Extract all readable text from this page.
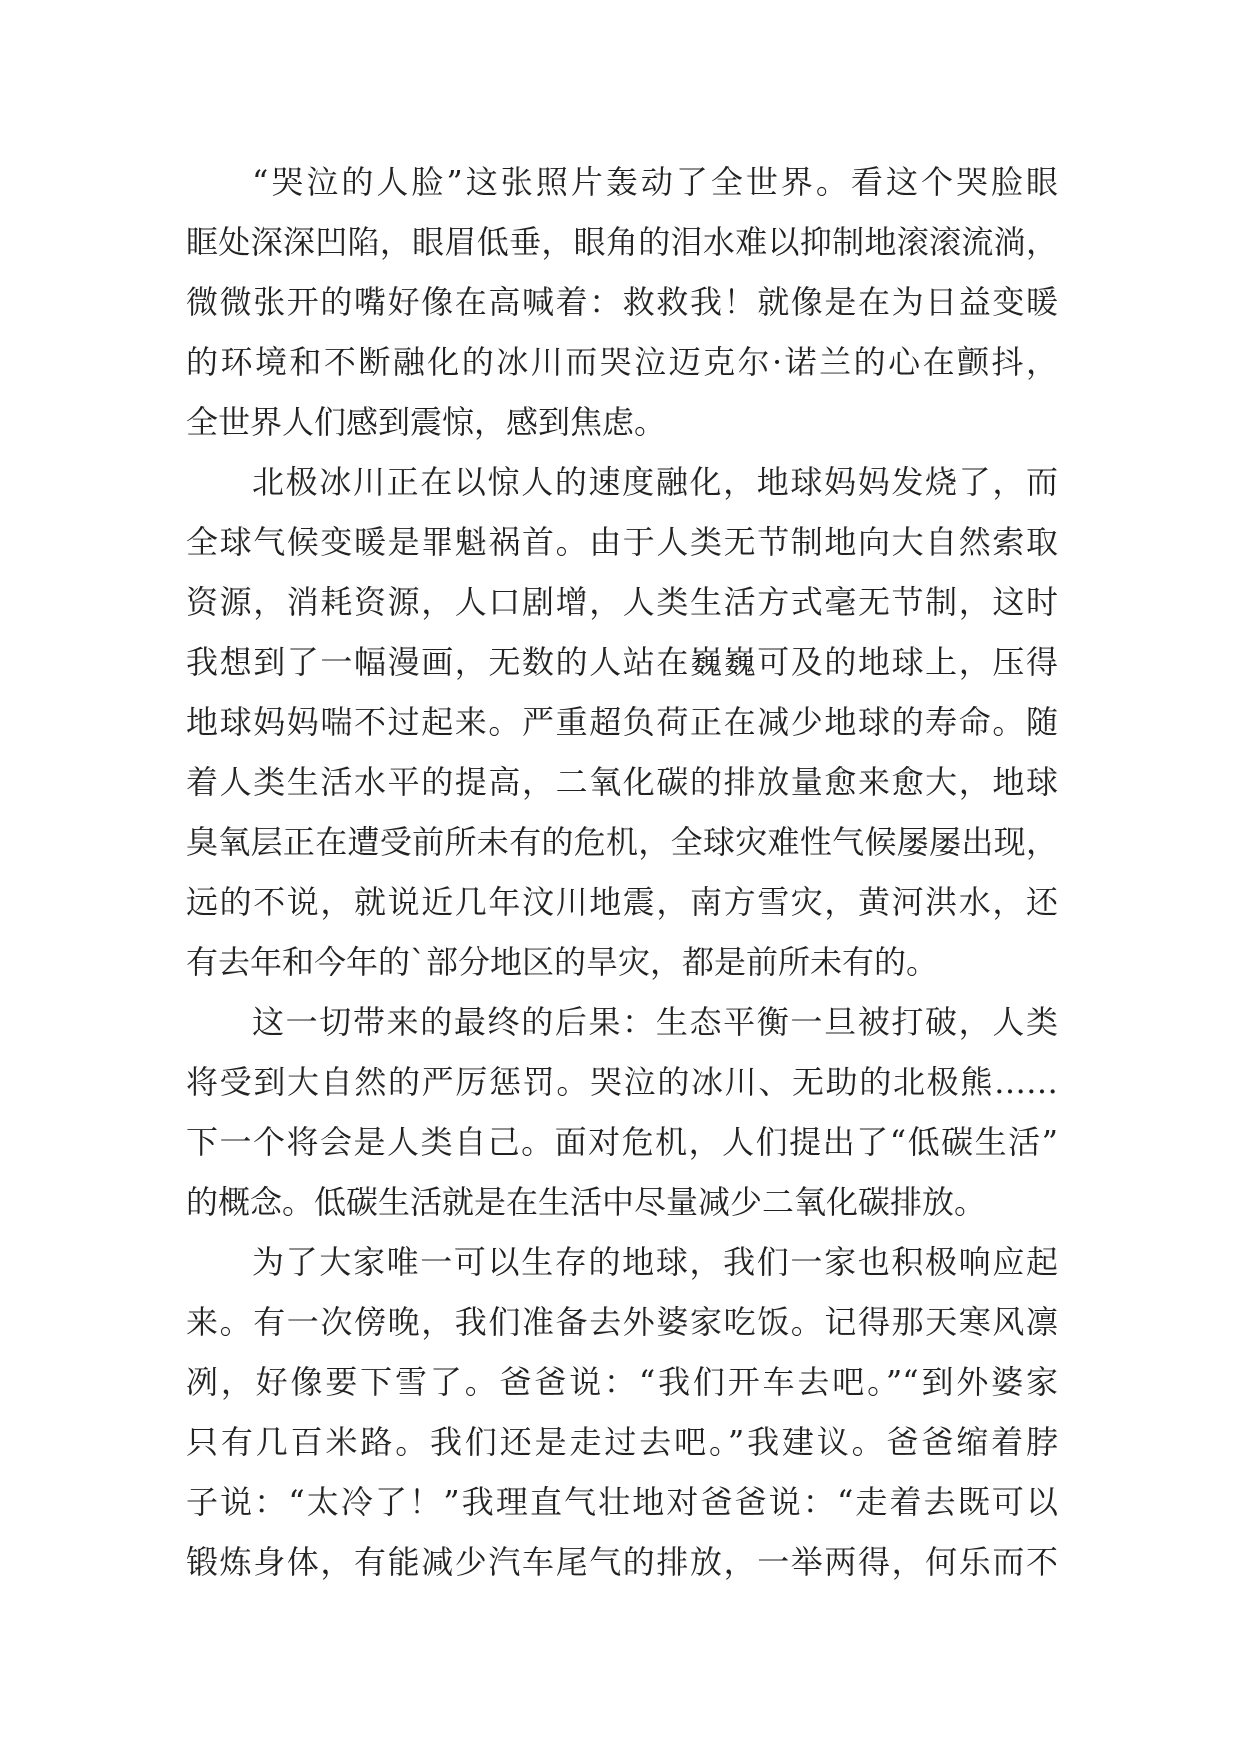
“哭泣的人脸”这张照片轰动了全世界。看这个哭脸眼
眶处深深凹陷，眼眉低垂，眼角的泪水难以抑制地滚滚流淌，
微微张开的嘴好像在高喊着：救救我！就像是在为日益变暖
的环境和不断融化的冰川而哭泣迈克尔·诺兰的心在颤抖，
全世界人们感到震惊，感到焦虑。
北极冰川正在以惊人的速度融化，地球妈妈发烧了，而
全球气候变暖是罪魁祸首。由于人类无节制地向大自然索取
资源，消耗资源，人口剧增，人类生活方式毫无节制，这时
我想到了一幅漫画，无数的人站在巍巍可及的地球上，压得
地球妈妈喘不过起来。严重超负荷正在减少地球的寿命。随
着人类生活水平的提高，二氧化碳的排放量愈来愈大，地球
臭氧层正在遭受前所未有的危机，全球灾难性气候屡屡出现，
远的不说，就说近几年汶川地震，南方雪灾，黄河洪水，还
有去年和今年的`部分地区的旱灾，都是前所未有的。
这一切带来的最终的后果：生态平衡一旦被打破，人类
将受到大自然的严厉惩罚。哭泣的冰川、无助的北极熊……
下一个将会是人类自己。面对危机，人们提出了“低碳生活”
的概念。低碳生活就是在生活中尽量减少二氧化碳排放。
为了大家唯一可以生存的地球，我们一家也积极响应起
来。有一次傍晚，我们准备去外婆家吃饭。记得那天寒风凛
冽，好像要下雪了。爸爸说：“我们开车去吧。”“到外婆家
只有几百米路。我们还是走过去吧。”我建议。爸爸缩着脖
子说：“太冷了！”我理直气壮地对爸爸说：“走着去既可以
锻炼身体，有能减少汽车尾气的排放，一举两得，何乐而不
